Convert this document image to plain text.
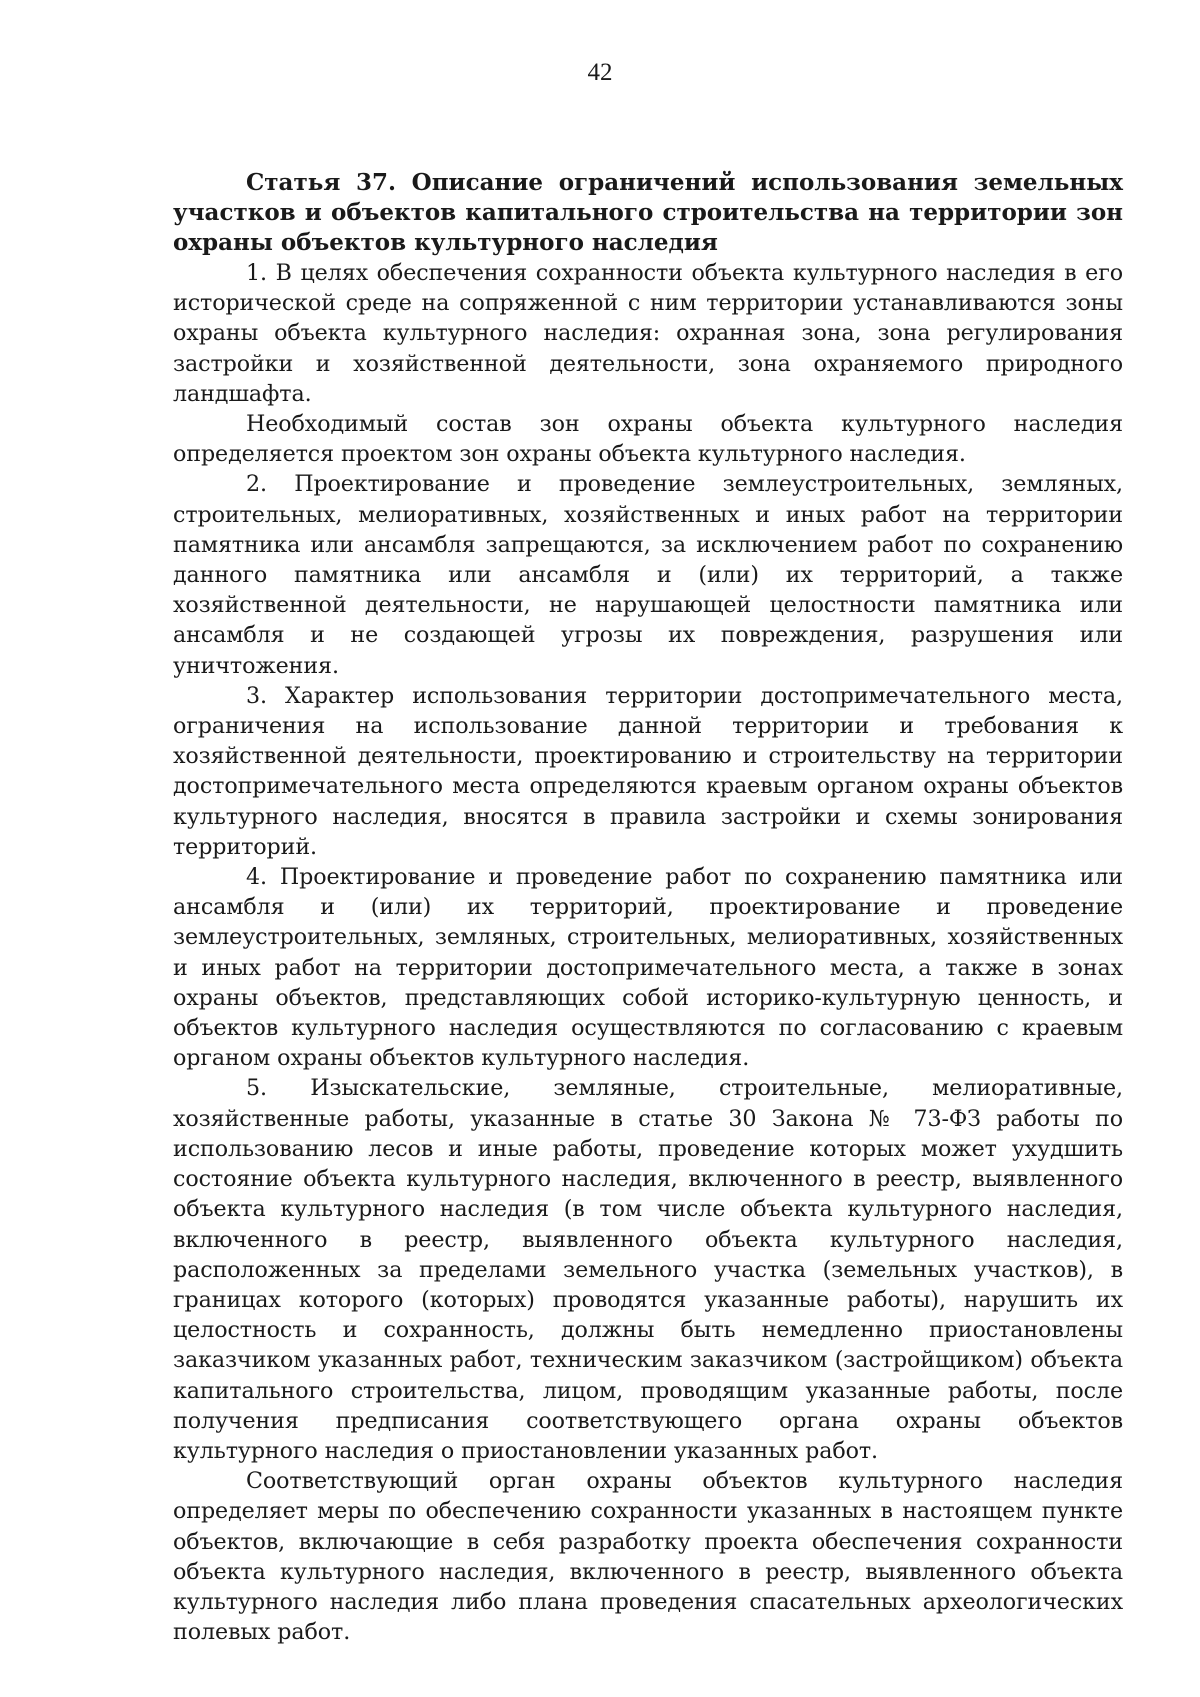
42

Статья 37. Описание ограничений использования земельных участков и объектов капитального строительства на территории зон охраны объектов культурного наследия

1. В целях обеспечения сохранности объекта культурного наследия в его исторической среде на сопряженной с ним территории устанавливаются зоны охраны объекта культурного наследия: охранная зона, зона регулирования застройки и хозяйственной деятельности, зона охраняемого природного ландшафта.

Необходимый состав зон охраны объекта культурного наследия определяется проектом зон охраны объекта культурного наследия.

2. Проектирование и проведение землеустроительных, земляных, строительных, мелиоративных, хозяйственных и иных работ на территории памятника или ансамбля запрещаются, за исключением работ по сохранению данного памятника или ансамбля и (или) их территорий, а также хозяйственной деятельности, не нарушающей целостности памятника или ансамбля и не создающей угрозы их повреждения, разрушения или уничтожения.

3. Характер использования территории достопримечательного места, ограничения на использование данной территории и требования к хозяйственной деятельности, проектированию и строительству на территории достопримечательного места определяются краевым органом охраны объектов культурного наследия, вносятся в правила застройки и схемы зонирования территорий.

4. Проектирование и проведение работ по сохранению памятника или ансамбля и (или) их территорий, проектирование и проведение землеустроительных, земляных, строительных, мелиоративных, хозяйственных и иных работ на территории достопримечательного места, а также в зонах охраны объектов, представляющих собой историко-культурную ценность, и объектов культурного наследия осуществляются по согласованию с краевым органом охраны объектов культурного наследия.

5. Изыскательские, земляные, строительные, мелиоративные, хозяйственные работы, указанные в статье 30 Закона № 73-ФЗ работы по использованию лесов и иные работы, проведение которых может ухудшить состояние объекта культурного наследия, включенного в реестр, выявленного объекта культурного наследия (в том числе объекта культурного наследия, включенного в реестр, выявленного объекта культурного наследия, расположенных за пределами земельного участка (земельных участков), в границах которого (которых) проводятся указанные работы), нарушить их целостность и сохранность, должны быть немедленно приостановлены заказчиком указанных работ, техническим заказчиком (застройщиком) объекта капитального строительства, лицом, проводящим указанные работы, после получения предписания соответствующего органа охраны объектов культурного наследия о приостановлении указанных работ.

Соответствующий орган охраны объектов культурного наследия определяет меры по обеспечению сохранности указанных в настоящем пункте объектов, включающие в себя разработку проекта обеспечения сохранности объекта культурного наследия, включенного в реестр, выявленного объекта культурного наследия либо плана проведения спасательных археологических полевых работ.
